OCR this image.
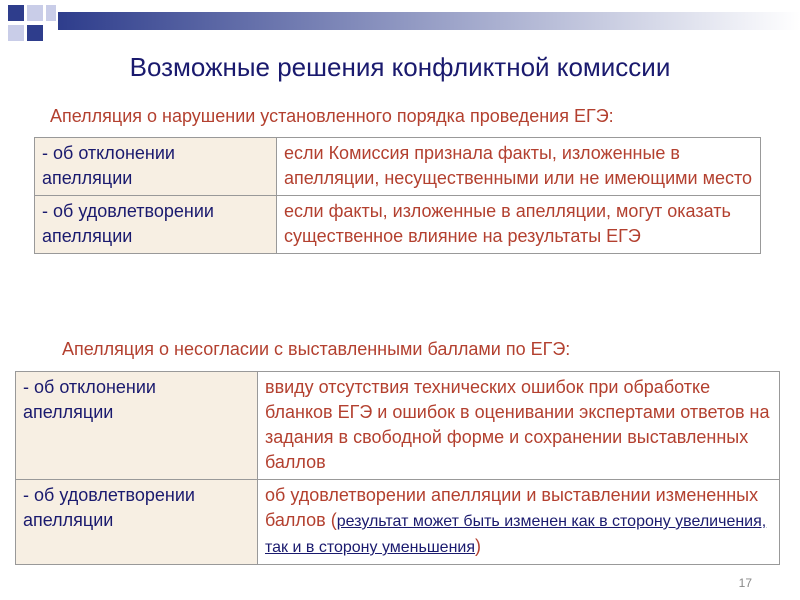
Возможные решения конфликтной комиссии
Апелляция о нарушении установленного порядка проведения ЕГЭ:
- об отклонении апелляции	если Комиссия признала факты, изложенные в апелляции, несущественными или не имеющими место
- об удовлетворении апелляции	если факты, изложенные в апелляции, могут оказать существенное влияние на результаты ЕГЭ
Апелляция о несогласии с выставленными баллами по ЕГЭ:
- об отклонении апелляции	ввиду отсутствия технических ошибок при обработке бланков ЕГЭ и ошибок в оценивании экспертами ответов на задания в свободной форме и сохранении выставленных баллов
- об удовлетворении апелляции	об удовлетворении апелляции и выставлении измененных баллов (результат может быть изменен как в сторону увеличения, так и в сторону уменьшения)
17
